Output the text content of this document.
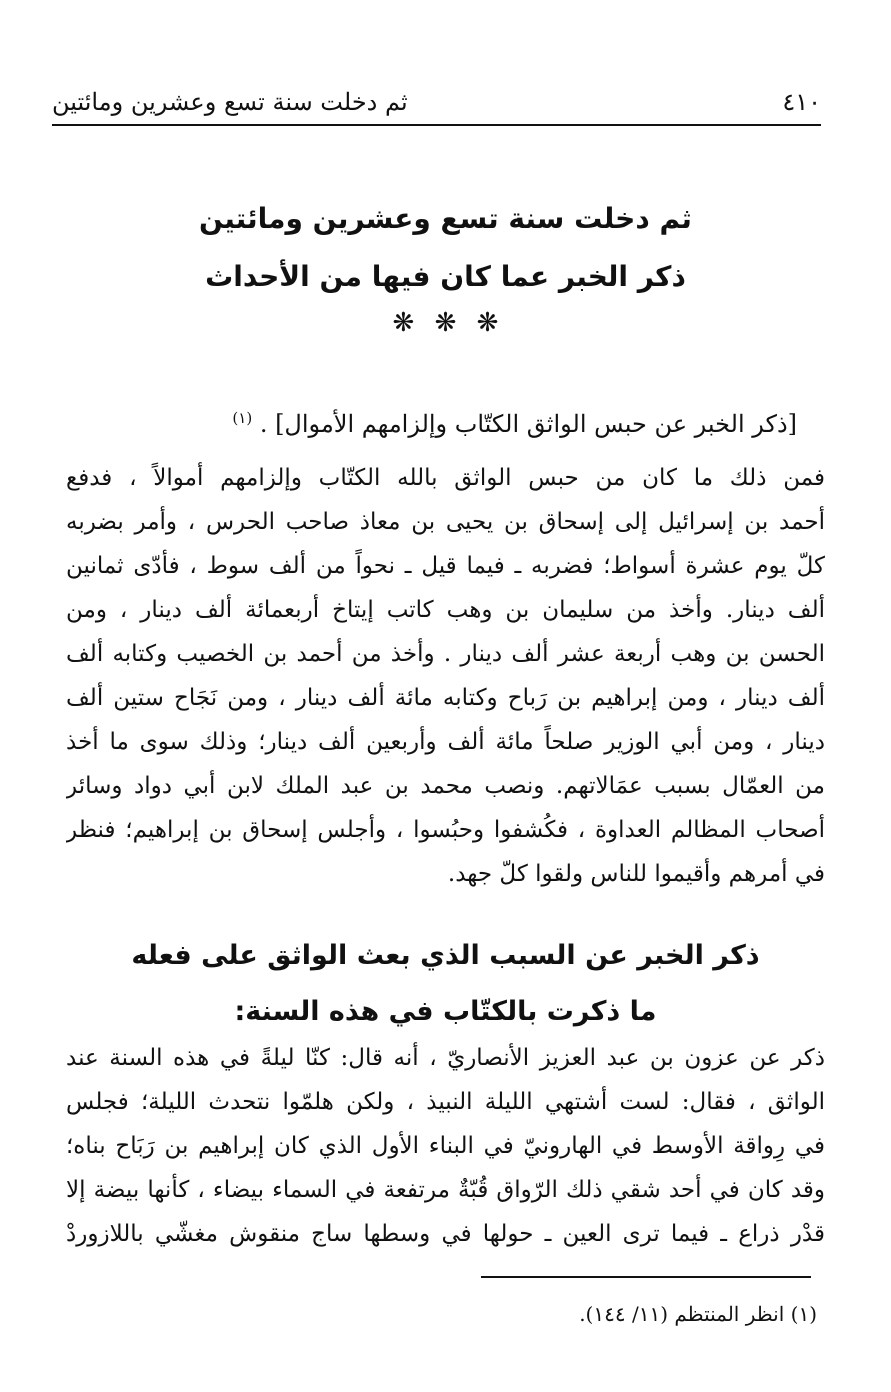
٤١٠
ثم دخلت سنة تسع وعشرين ومائتين

ثم دخلت سنة تسع وعشرين ومائتين

ذكر الخبر عما كان فيها من الأحداث

❋ ❋ ❋
[ذكر الخبر عن حبس الواثق الكتّاب وإلزامهم الأموال] . $^{(١)}$
فمن ذلك ما كان من حبس الواثق بالله الكتّاب وإلزامهم أموالاً ، فدفع
أحمد بن إسرائيل إلى إسحاق بن يحيى بن معاذ صاحب الحرس ، وأمر بضربه
كلّ يوم عشرة أسواط؛ فضربه ـ فيما قيل ـ نحواً من ألف سوط ، فأدّى ثمانين
ألف دينار. وأخذ من سليمان بن وهب كاتب إيتاخ أربعمائة ألف دينار ، ومن
الحسن بن وهب أربعة عشر ألف دينار . وأخذ من أحمد بن الخصيب وكتابه ألف
ألف دينار ، ومن إبراهيم بن رَباح وكتابه مائة ألف دينار ، ومن نَجَاح ستين ألف
دينار ، ومن أبي الوزير صلحاً مائة ألف وأربعين ألف دينار؛ وذلك سوى ما أخذ
من العمّال بسبب عمَالاتهم. ونصب محمد بن عبد الملك لابن أبي دواد وسائر
أصحاب المظالم العداوة ، فكُشفوا وحبُسوا ، وأجلس إسحاق بن إبراهيم؛ فنظر
في أمرهم وأقيموا للناس ولقوا كلّ جهد.

ذكر الخبر عن السبب الذي بعث الواثق على فعله

ما ذكرت بالكتّاب في هذه السنة:

ذكر عن عزون بن عبد العزيز الأنصاريّ ، أنه قال: كنّا ليلةً في هذه السنة عند
الواثق ، فقال: لست أشتهي الليلة النبيذ ، ولكن هلمّوا نتحدث الليلة؛ فجلس
في رِواقة الأوسط في الهارونيّ في البناء الأول الذي كان إبراهيم بن رَبَاح بناه؛
وقد كان في أحد شقي ذلك الرّواق قُبّةٌ مرتفعة في السماء بيضاء ، كأنها بيضة إلا
قدْر ذراع ـ فيما ترى العين ـ حولها في وسطها ساج منقوش مغشّي باللازوردْ
(١) انظر المنتظم (١١/ ١٤٤).
